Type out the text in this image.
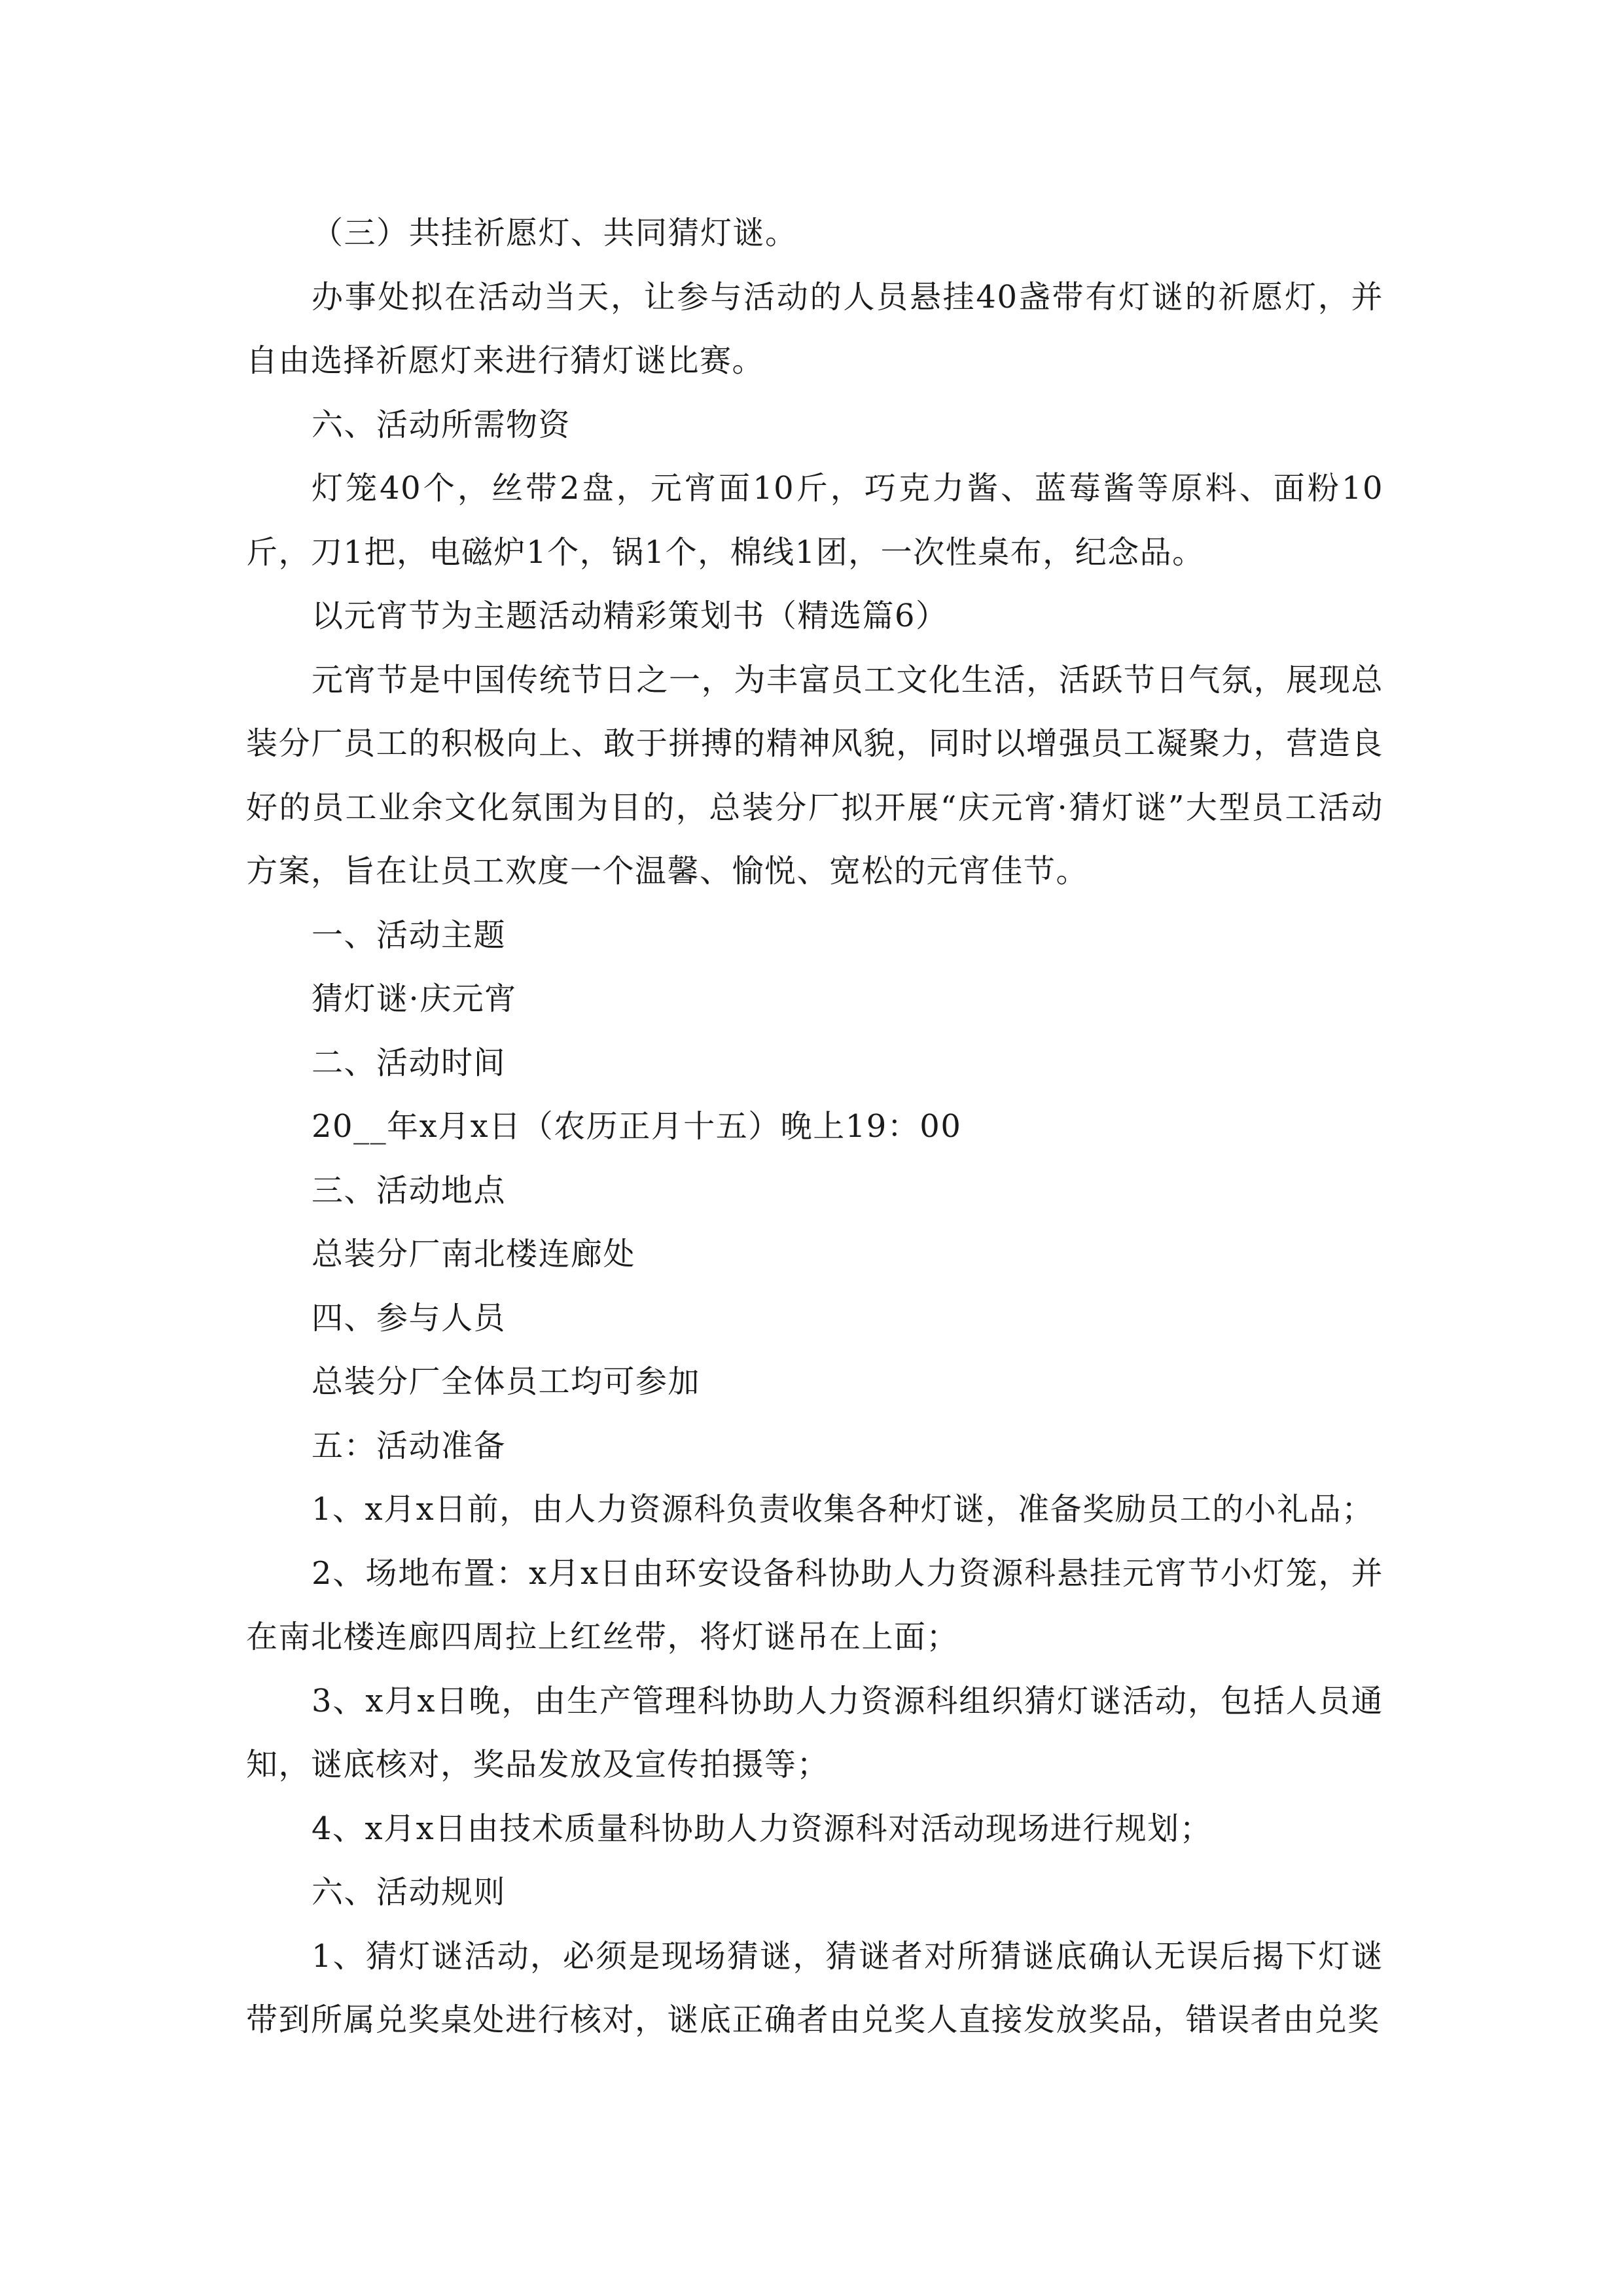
（三）共挂祈愿灯、共同猜灯谜。

办事处拟在活动当天，让参与活动的人员悬挂40盏带有灯谜的祈愿灯，并自由选择祈愿灯来进行猜灯谜比赛。

六、活动所需物资

灯笼40个，丝带2盘，元宵面10斤，巧克力酱、蓝莓酱等原料、面粉10斤，刀1把，电磁炉1个，锅1个，棉线1团，一次性桌布，纪念品。

以元宵节为主题活动精彩策划书（精选篇6）

元宵节是中国传统节日之一，为丰富员工文化生活，活跃节日气氛，展现总装分厂员工的积极向上、敢于拼搏的精神风貌，同时以增强员工凝聚力，营造良好的员工业余文化氛围为目的，总装分厂拟开展“庆元宵·猜灯谜”大型员工活动方案，旨在让员工欢度一个温馨、愉悦、宽松的元宵佳节。

一、活动主题

猜灯谜·庆元宵

二、活动时间

20__年x月x日（农历正月十五）晚上19：00

三、活动地点

总装分厂南北楼连廊处

四、参与人员

总装分厂全体员工均可参加

五：活动准备

1、x月x日前，由人力资源科负责收集各种灯谜，准备奖励员工的小礼品；

2、场地布置：x月x日由环安设备科协助人力资源科悬挂元宵节小灯笼，并在南北楼连廊四周拉上红丝带，将灯谜吊在上面；

3、x月x日晚，由生产管理科协助人力资源科组织猜灯谜活动，包括人员通知，谜底核对，奖品发放及宣传拍摄等；

4、x月x日由技术质量科协助人力资源科对活动现场进行规划；

六、活动规则

1、猜灯谜活动，必须是现场猜谜，猜谜者对所猜谜底确认无误后揭下灯谜带到所属兑奖桌处进行核对，谜底正确者由兑奖人直接发放奖品，错误者由兑奖
